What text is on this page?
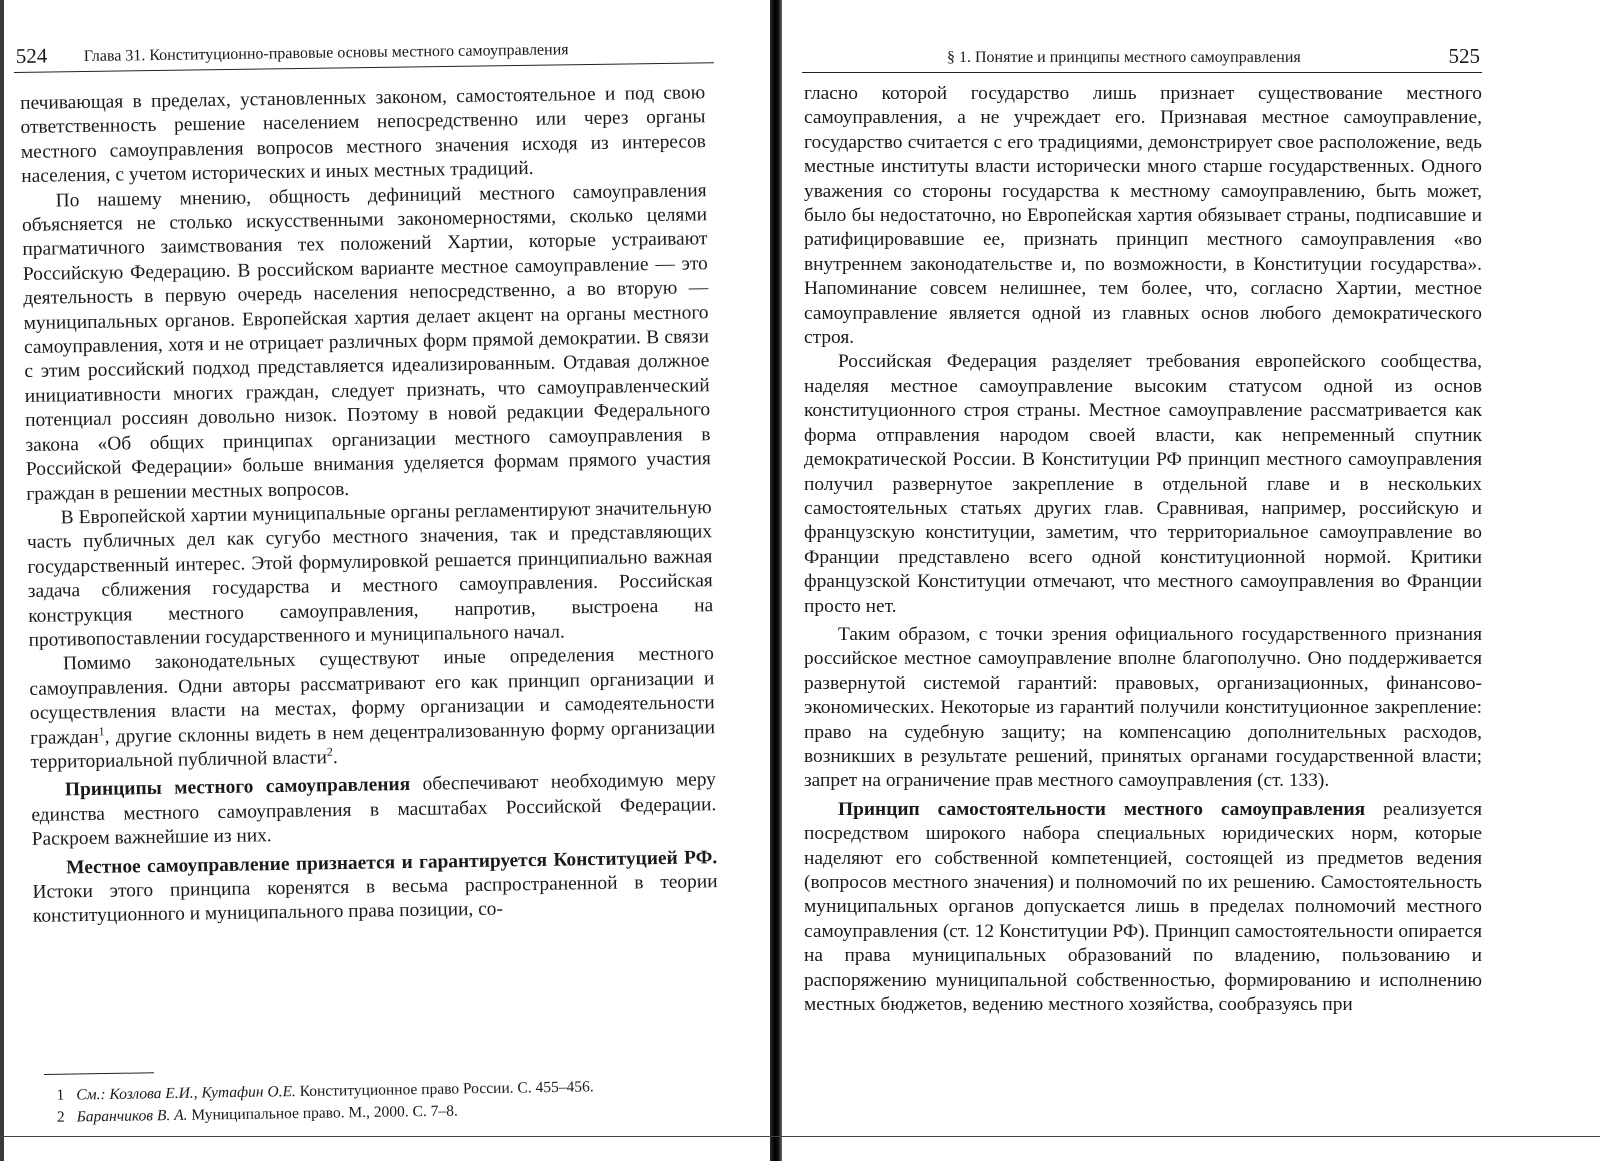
524 Глава 31. Конституционно-правовые основы местного самоуправления

печивающая в пределах, установленных законом, самостоятельное и под свою ответственность решение населением непосредственно или через органы местного самоуправления вопросов местного значения исходя из интересов населения, с учетом исторических и иных местных традиций.

По нашему мнению, общность дефиниций местного самоуправления объясняется не столько искусственными закономерностями, сколько целями прагматичного заимствования тех положений Хартии, которые устраивают Российскую Федерацию. В российском варианте местное самоуправление — это деятельность в первую очередь населения непосредственно, а во вторую — муниципальных органов. Европейская хартия делает акцент на органы местного самоуправления, хотя и не отрицает различных форм прямой демократии. В связи с этим российский подход представляется идеализированным. Отдавая должное инициативности многих граждан, следует признать, что самоуправленческий потенциал россиян довольно низок. Поэтому в новой редакции Федерального закона «Об общих принципах организации местного самоуправления в Российской Федерации» больше внимания уделяется формам прямого участия граждан в решении местных вопросов.

В Европейской хартии муниципальные органы регламентируют значительную часть публичных дел как сугубо местного значения, так и представляющих государственный интерес. Этой формулировкой решается принципиально важная задача сближения государства и местного самоуправления. Российская конструкция местного самоуправления, напротив, выстроена на противопоставлении государственного и муниципального начал.

Помимо законодательных существуют иные определения местного самоуправления. Одни авторы рассматривают его как принцип организации и осуществления власти на местах, форму организации и самодеятельности граждан$^1$, другие склонны видеть в нем децентрализованную форму организации территориальной публичной власти$^2$.

Принципы местного самоуправления обеспечивают необходимую меру единства местного самоуправления в масштабах Российской Федерации. Раскроем важнейшие из них.

Местное самоуправление признается и гарантируется Конституцией РФ. Истоки этого принципа коренятся в весьма распространенной в теории конституционного и муниципального права позиции, со-

1 См.: Козлова Е.И., Кутафин О.Е. Конституционное право России. С. 455–456.
2 Баранчиков В. А. Муниципальное право. М., 2000. С. 7–8.
§ 1. Понятие и принципы местного самоуправления	525

гласно которой государство лишь признает существование местного самоуправления, а не учреждает его. Признавая местное самоуправление, государство считается с его традициями, демонстрирует свое расположение, ведь местные институты власти исторически много старше государственных. Одного уважения со стороны государства к местному самоуправлению, быть может, было бы недостаточно, но Европейская хартия обязывает страны, подписавшие и ратифицировавшие ее, признать принцип местного самоуправления «во внутреннем законодательстве и, по возможности, в Конституции государства». Напоминание совсем нелишнее, тем более, что, согласно Хартии, местное самоуправление является одной из главных основ любого демократического строя.

Российская Федерация разделяет требования европейского сообщества, наделяя местное самоуправление высоким статусом одной из основ конституционного строя страны. Местное самоуправление рассматривается как форма отправления народом своей власти, как непременный спутник демократической России. В Конституции РФ принцип местного самоуправления получил развернутое закрепление в отдельной главе и в нескольких самостоятельных статьях других глав. Сравнивая, например, российскую и французскую конституции, заметим, что территориальное самоуправление во Франции представлено всего одной конституционной нормой. Критики французской Конституции отмечают, что местного самоуправления во Франции просто нет.

Таким образом, с точки зрения официального государственного признания российское местное самоуправление вполне благополучно. Оно поддерживается развернутой системой гарантий: правовых, организационных, финансово-экономических. Некоторые из гарантий получили конституционное закрепление: право на судебную защиту; на компенсацию дополнительных расходов, возникших в результате решений, принятых органами государственной власти; запрет на ограничение прав местного самоуправления (ст. 133).

Принцип самостоятельности местного самоуправления реализуется посредством широкого набора специальных юридических норм, которые наделяют его собственной компетенцией, состоящей из предметов ведения (вопросов местного значения) и полномочий по их решению. Самостоятельность муниципальных органов допускается лишь в пределах полномочий местного самоуправления (ст. 12 Конституции РФ). Принцип самостоятельности опирается на права муниципальных образований по владению, пользованию и распоряжению муниципальной собственностью, формированию и исполнению местных бюджетов, ведению местного хозяйства, сообразуясь при
